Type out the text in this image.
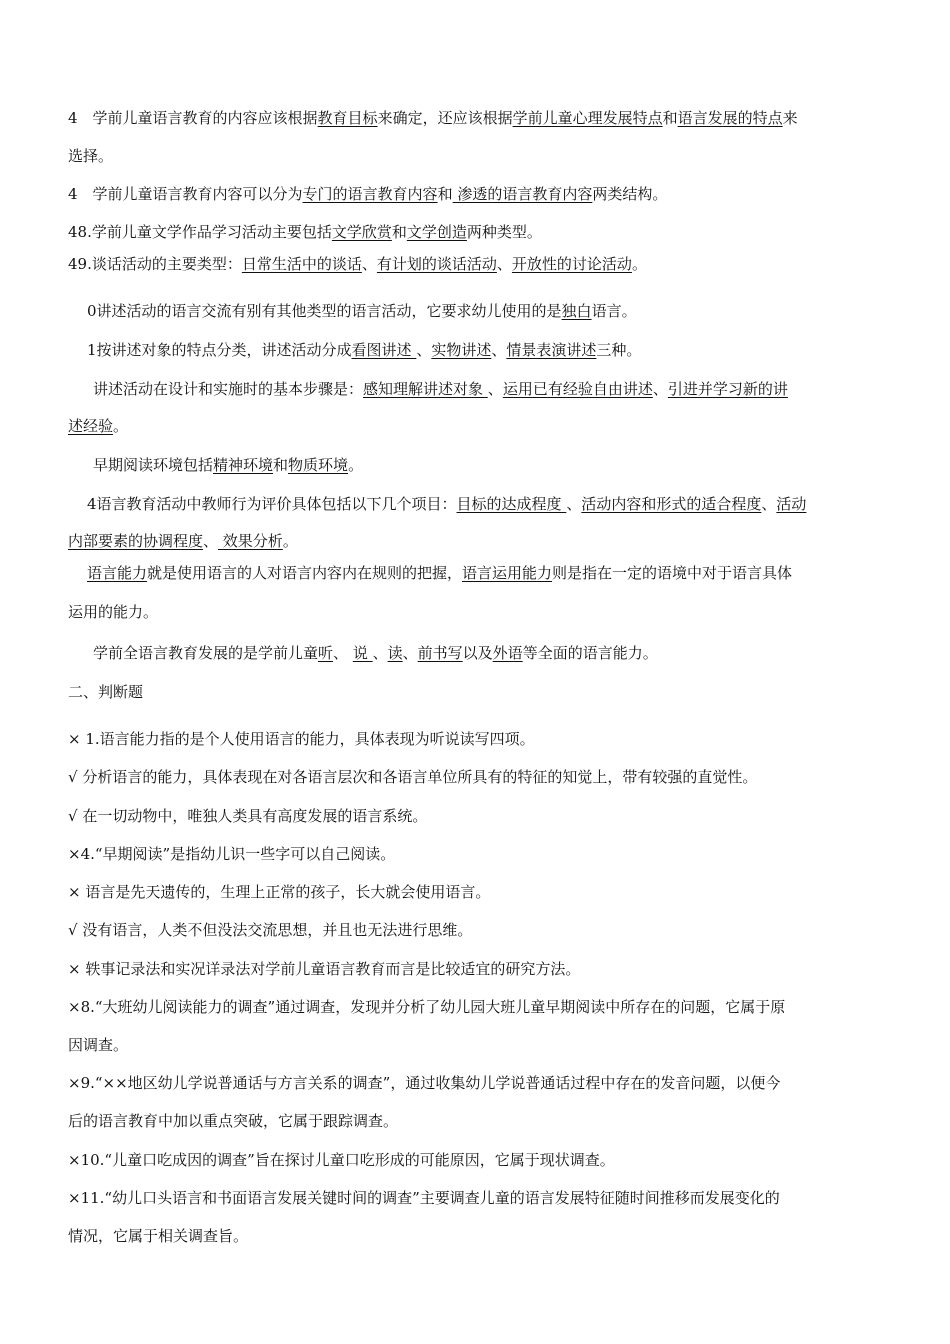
4　学前儿童语言教育的内容应该根据教育目标来确定，还应该根据学前儿童心理发展特点和语言发展的特点来
选择。
4　学前儿童语言教育内容可以分为专门的语言教育内容和 渗透的语言教育内容两类结构。
48.学前儿童文学作品学习活动主要包括文学欣赏和文学创造两种类型。
49.谈话活动的主要类型：日常生活中的谈话、有计划的谈话活动、开放性的讨论活动。
0讲述活动的语言交流有别有其他类型的语言活动，它要求幼儿使用的是独白语言。
1按讲述对象的特点分类，讲述活动分成看图讲述 、实物讲述、情景表演讲述三种。
讲述活动在设计和实施时的基本步骤是：感知理解讲述对象 、运用已有经验自由讲述、引进并学习新的讲
述经验。
早期阅读环境包括精神环境和物质环境。
4语言教育活动中教师行为评价具体包括以下几个项目：目标的达成程度 、活动内容和形式的适合程度、活动
内部要素的协调程度、 效果分析。
语言能力就是使用语言的人对语言内容内在规则的把握，语言运用能力则是指在一定的语境中对于语言具体
运用的能力。
学前全语言教育发展的是学前儿童听、 说 、读、前书写以及外语等全面的语言能力。
二、判断题
× 1.语言能力指的是个人使用语言的能力，具体表现为听说读写四项。
√ 分析语言的能力，具体表现在对各语言层次和各语言单位所具有的特征的知觉上，带有较强的直觉性。
√ 在一切动物中，唯独人类具有高度发展的语言系统。
×4.“早期阅读”是指幼儿识一些字可以自己阅读。
× 语言是先天遗传的，生理上正常的孩子，长大就会使用语言。
√ 没有语言，人类不但没法交流思想，并且也无法进行思维。
× 轶事记录法和实况详录法对学前儿童语言教育而言是比较适宜的研究方法。
×8.“大班幼儿阅读能力的调查”通过调查，发现并分析了幼儿园大班儿童早期阅读中所存在的问题，它属于原
因调查。
×9.“××地区幼儿学说普通话与方言关系的调查”，通过收集幼儿学说普通话过程中存在的发音问题，以便今
后的语言教育中加以重点突破，它属于跟踪调查。
×10.“儿童口吃成因的调查”旨在探讨儿童口吃形成的可能原因，它属于现状调查。
×11.“幼儿口头语言和书面语言发展关键时间的调查”主要调查儿童的语言发展特征随时间推移而发展变化的
情况，它属于相关调查旨。
